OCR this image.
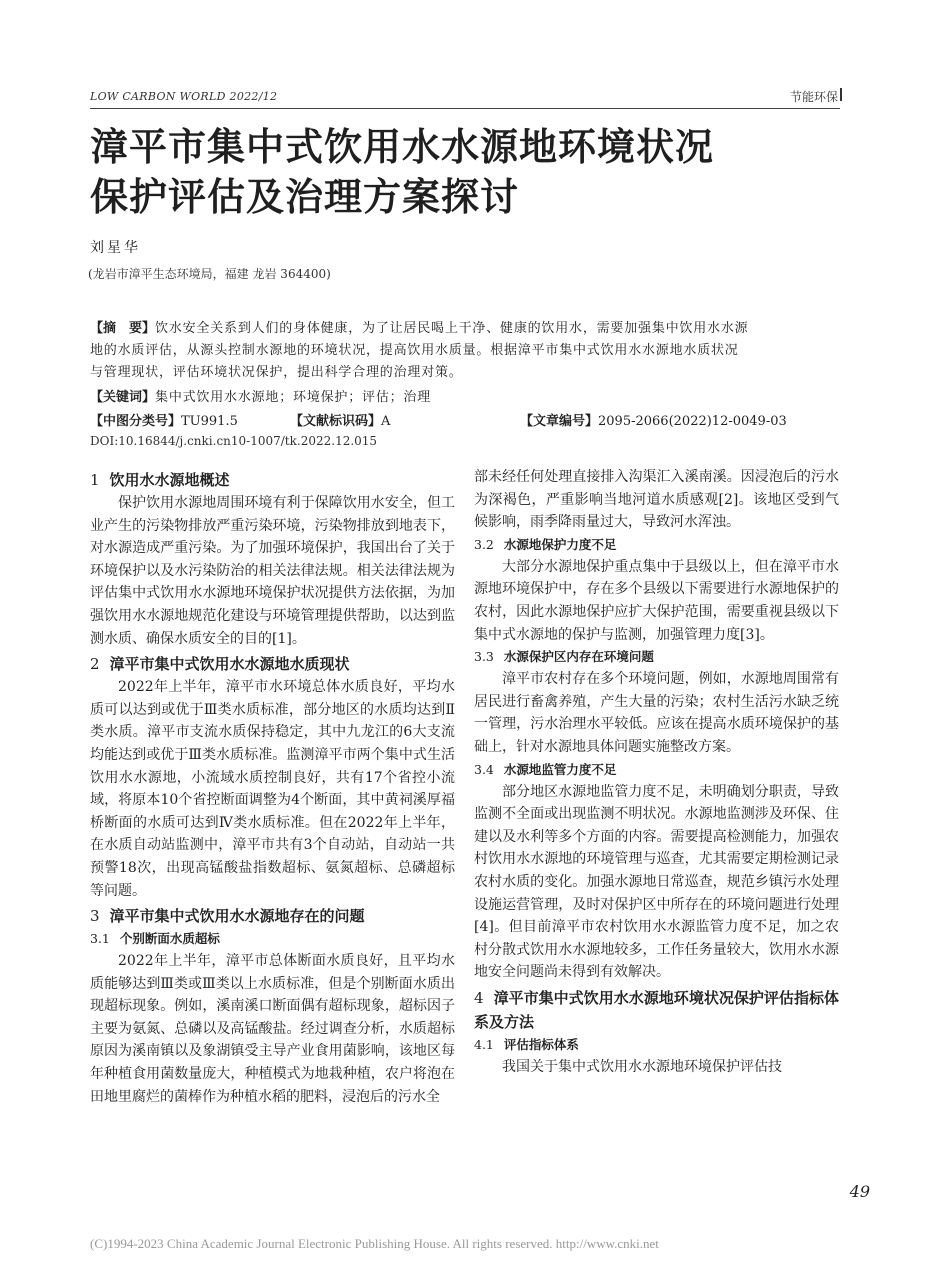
LOW CARBON WORLD 2022/12	节能环保
漳平市集中式饮用水水源地环境状况
保护评估及治理方案探讨
刘星华
(龙岩市漳平生态环境局，福建 龙岩 364400)
【摘　要】饮水安全关系到人们的身体健康，为了让居民喝上干净、健康的饮用水，需要加强集中饮用水水源
地的水质评估，从源头控制水源地的环境状况，提高饮用水质量。根据漳平市集中式饮用水水源地水质状况
与管理现状，评估环境状况保护，提出科学合理的治理对策。
【关键词】集中式饮用水水源地；环境保护；评估；治理
【中图分类号】TU991.5	【文献标识码】A	【文章编号】2095-2066(2022)12-0049-03
DOI:10.16844/j.cnki.cn10-1007/tk.2022.12.015
1 饮用水水源地概述

保护饮用水源地周围环境有利于保障饮用水安全，但工业产生的污染物排放严重污染环境，污染物排放到地表下，对水源造成严重污染。为了加强环境保护，我国出台了关于环境保护以及水污染防治的相关法律法规。相关法律法规为评估集中式饮用水水源地环境保护状况提供方法依据，为加强饮用水水源地规范化建设与环境管理提供帮助，以达到监测水质、确保水质安全的目的[1]。

2 漳平市集中式饮用水水源地水质现状

2022年上半年，漳平市水环境总体水质良好，平均水质可以达到或优于Ⅲ类水质标准，部分地区的水质均达到Ⅱ类水质。漳平市支流水质保持稳定，其中九龙江的6大支流均能达到或优于Ⅲ类水质标准。监测漳平市两个集中式生活饮用水水源地，小流域水质控制良好，共有17个省控小流域，将原本10个省控断面调整为4个断面，其中黄祠溪厚福桥断面的水质可达到Ⅳ类水质标准。但在2022年上半年，在水质自动站监测中，漳平市共有3个自动站，自动站一共预警18次，出现高锰酸盐指数超标、氨氮超标、总磷超标等问题。

3 漳平市集中式饮用水水源地存在的问题
3.1 个别断面水质超标

2022年上半年，漳平市总体断面水质良好，且平均水质能够达到Ⅲ类或Ⅲ类以上水质标准，但是个别断面水质出现超标现象。例如，溪南溪口断面偶有超标现象，超标因子主要为氨氮、总磷以及高锰酸盐。经过调查分析，水质超标原因为溪南镇以及象湖镇受主导产业食用菌影响，该地区每年种植食用菌数量庞大，种植模式为地栽种植，农户将泡在田地里腐烂的菌棒作为种植水稻的肥料，浸泡后的污水全

部未经任何处理直接排入沟渠汇入溪南溪。因浸泡后的污水为深褐色，严重影响当地河道水质感观[2]。该地区受到气候影响，雨季降雨量过大，导致河水浑浊。

3.2 水源地保护力度不足

大部分水源地保护重点集中于县级以上，但在漳平市水源地环境保护中，存在多个县级以下需要进行水源地保护的农村，因此水源地保护应扩大保护范围，需要重视县级以下集中式水源地的保护与监测，加强管理力度[3]。

3.3 水源保护区内存在环境问题

漳平市农村存在多个环境问题，例如，水源地周围常有居民进行畜禽养殖，产生大量的污染；农村生活污水缺乏统一管理，污水治理水平较低。应该在提高水质环境保护的基础上，针对水源地具体问题实施整改方案。

3.4 水源地监管力度不足

部分地区水源地监管力度不足，未明确划分职责，导致监测不全面或出现监测不明状况。水源地监测涉及环保、住建以及水利等多个方面的内容。需要提高检测能力，加强农村饮用水水源地的环境管理与巡查，尤其需要定期检测记录农村水质的变化。加强水源地日常巡查，规范乡镇污水处理设施运营管理，及时对保护区中所存在的环境问题进行处理[4]。但目前漳平市农村饮用水水源监管力度不足，加之农村分散式饮用水水源地较多，工作任务量较大，饮用水水源地安全问题尚未得到有效解决。

4 漳平市集中式饮用水水源地环境状况保护评估指标体系及方法
4.1 评估指标体系

我国关于集中式饮用水水源地环境保护评估技

49
(C)1994-2023 China Academic Journal Electronic Publishing House. All rights reserved. http://www.cnki.net
